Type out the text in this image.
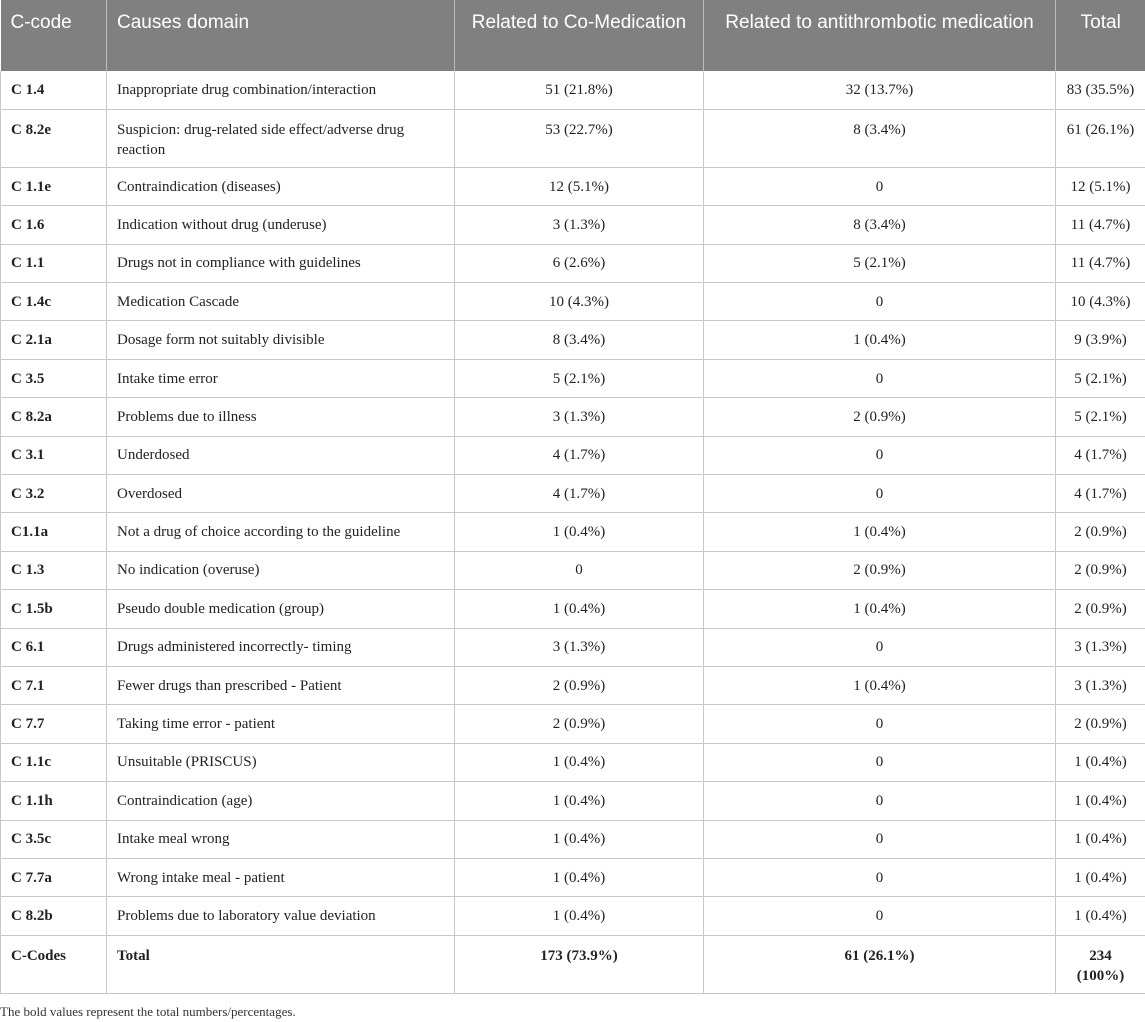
C-code	Causes domain	Related to Co-Medication	Related to antithrombotic medication	Total
C 1.4	Inappropriate drug combination/interaction	51 (21.8%)	32 (13.7%)	83 (35.5%)
C 8.2e	Suspicion: drug-related side effect/adverse drug reaction	53 (22.7%)	8 (3.4%)	61 (26.1%)
C 1.1e	Contraindication (diseases)	12 (5.1%)	0	12 (5.1%)
C 1.6	Indication without drug (underuse)	3 (1.3%)	8 (3.4%)	11 (4.7%)
C 1.1	Drugs not in compliance with guidelines	6 (2.6%)	5 (2.1%)	11 (4.7%)
C 1.4c	Medication Cascade	10 (4.3%)	0	10 (4.3%)
C 2.1a	Dosage form not suitably divisible	8 (3.4%)	1 (0.4%)	9 (3.9%)
C 3.5	Intake time error	5 (2.1%)	0	5 (2.1%)
C 8.2a	Problems due to illness	3 (1.3%)	2 (0.9%)	5 (2.1%)
C 3.1	Underdosed	4 (1.7%)	0	4 (1.7%)
C 3.2	Overdosed	4 (1.7%)	0	4 (1.7%)
C1.1a	Not a drug of choice according to the guideline	1 (0.4%)	1 (0.4%)	2 (0.9%)
C 1.3	No indication (overuse)	0	2 (0.9%)	2 (0.9%)
C 1.5b	Pseudo double medication (group)	1 (0.4%)	1 (0.4%)	2 (0.9%)
C 6.1	Drugs administered incorrectly- timing	3 (1.3%)	0	3 (1.3%)
C 7.1	Fewer drugs than prescribed - Patient	2 (0.9%)	1 (0.4%)	3 (1.3%)
C 7.7	Taking time error - patient	2 (0.9%)	0	2 (0.9%)
C 1.1c	Unsuitable (PRISCUS)	1 (0.4%)	0	1 (0.4%)
C 1.1h	Contraindication (age)	1 (0.4%)	0	1 (0.4%)
C 3.5c	Intake meal wrong	1 (0.4%)	0	1 (0.4%)
C 7.7a	Wrong intake meal - patient	1 (0.4%)	0	1 (0.4%)
C 8.2b	Problems due to laboratory value deviation	1 (0.4%)	0	1 (0.4%)
C-Codes	Total	173 (73.9%)	61 (26.1%)	234 (100%)

The bold values represent the total numbers/percentages.
